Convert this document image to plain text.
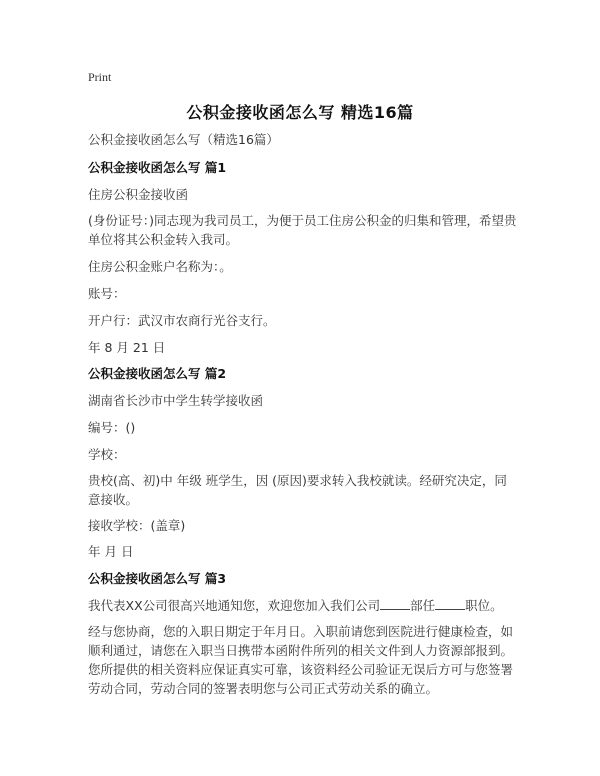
Print
公积金接收函怎么写 精选16篇
公积金接收函怎么写（精选16篇）
公积金接收函怎么写 篇1
住房公积金接收函
(身份证号：)同志现为我司员工，为便于员工住房公积金的归集和管理，希望贵单位将其公积金转入我司。
住房公积金账户名称为：。
账号：
开户行：武汉市农商行光谷支行。
年 8 月 21 日
公积金接收函怎么写 篇2
湖南省长沙市中学生转学接收函
编号：()
学校：
贵校(高、初)中 年级 班学生，因 (原因)要求转入我校就读。经研究决定，同意接收。
接收学校：(盖章)
年 月 日
公积金接收函怎么写 篇3
我代表XX公司很高兴地通知您，欢迎您加入我们公司 部任 职位。
经与您协商，您的入职日期定于年月日。入职前请您到医院进行健康检查，如顺利通过，请您在入职当日携带本函附件所列的相关文件到人力资源部报到。您所提供的相关资料应保证真实可靠，该资料经公司验证无误后方可与您签署劳动合同，劳动合同的签署表明您与公司正式劳动关系的确立。
